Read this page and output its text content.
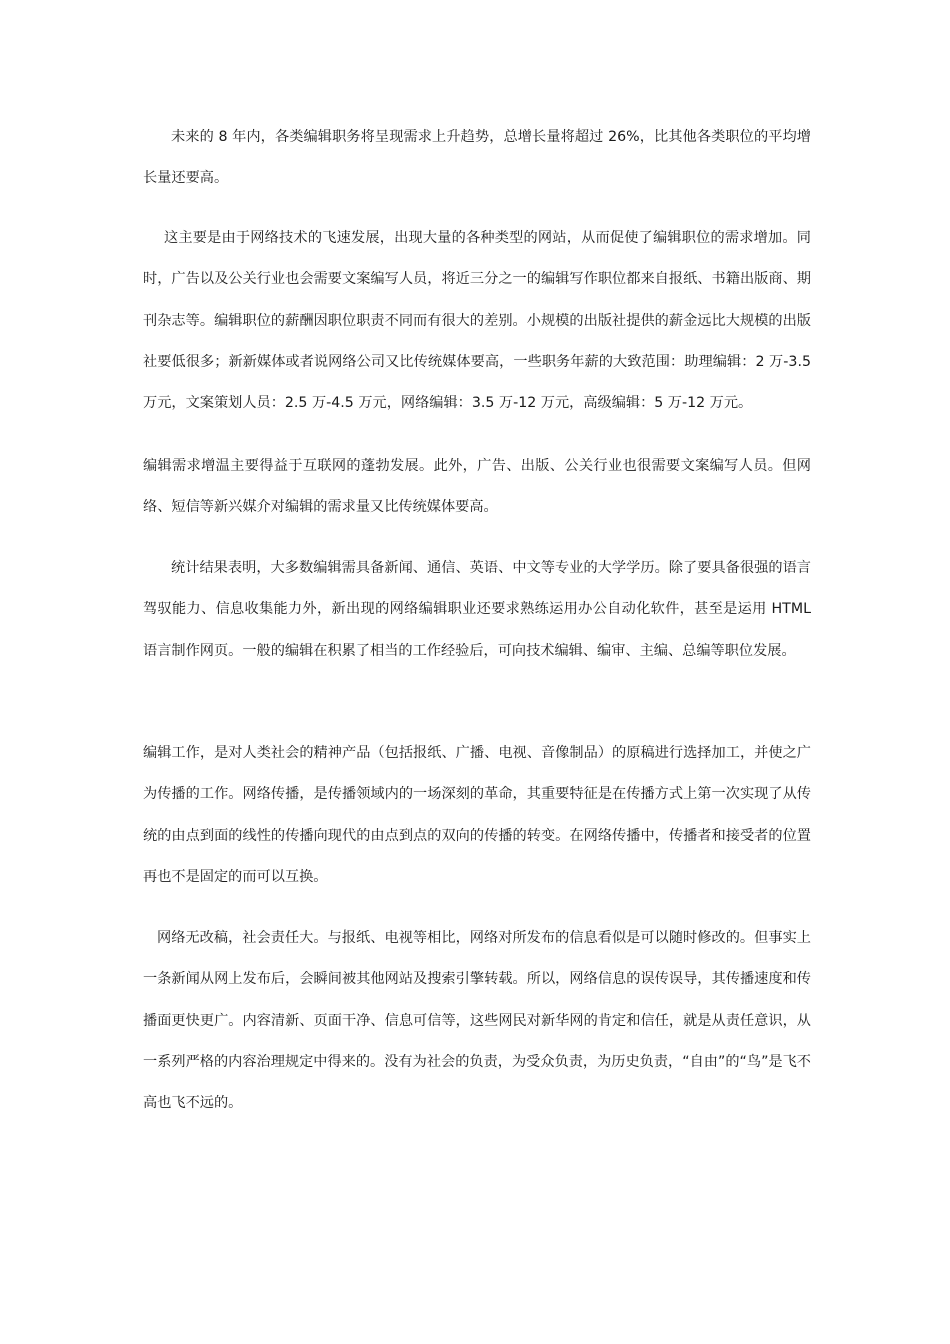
未来的 8 年内，各类编辑职务将呈现需求上升趋势，总增长量将超过 26%，比其他各类职位的平均增长量还要高。

这主要是由于网络技术的飞速发展，出现大量的各种类型的网站，从而促使了编辑职位的需求增加。同时，广告以及公关行业也会需要文案编写人员，将近三分之一的编辑写作职位都来自报纸、书籍出版商、期刊杂志等。编辑职位的薪酬因职位职责不同而有很大的差别。小规模的出版社提供的薪金远比大规模的出版社要低很多；新新媒体或者说网络公司又比传统媒体要高，一些职务年薪的大致范围：助理编辑：2 万-3.5 万元，文案策划人员：2.5 万-4.5 万元，网络编辑：3.5 万-12 万元，高级编辑：5 万-12 万元。

编辑需求增温主要得益于互联网的蓬勃发展。此外，广告、出版、公关行业也很需要文案编写人员。但网络、短信等新兴媒介对编辑的需求量又比传统媒体要高。

统计结果表明，大多数编辑需具备新闻、通信、英语、中文等专业的大学学历。除了要具备很强的语言驾驭能力、信息收集能力外，新出现的网络编辑职业还要求熟练运用办公自动化软件，甚至是运用 HTML 语言制作网页。一般的编辑在积累了相当的工作经验后，可向技术编辑、编审、主编、总编等职位发展。

编辑工作，是对人类社会的精神产品（包括报纸、广播、电视、音像制品）的原稿进行选择加工，并使之广为传播的工作。网络传播，是传播领域内的一场深刻的革命，其重要特征是在传播方式上第一次实现了从传统的由点到面的线性的传播向现代的由点到点的双向的传播的转变。在网络传播中，传播者和接受者的位置再也不是固定的而可以互换。

网络无改稿，社会责任大。与报纸、电视等相比，网络对所发布的信息看似是可以随时修改的。但事实上一条新闻从网上发布后，会瞬间被其他网站及搜索引擎转载。所以，网络信息的误传误导，其传播速度和传播面更快更广。内容清新、页面干净、信息可信等，这些网民对新华网的肯定和信任，就是从责任意识，从一系列严格的内容治理规定中得来的。没有为社会的负责，为受众负责，为历史负责，“自由”的“鸟”是飞不高也飞不远的。
